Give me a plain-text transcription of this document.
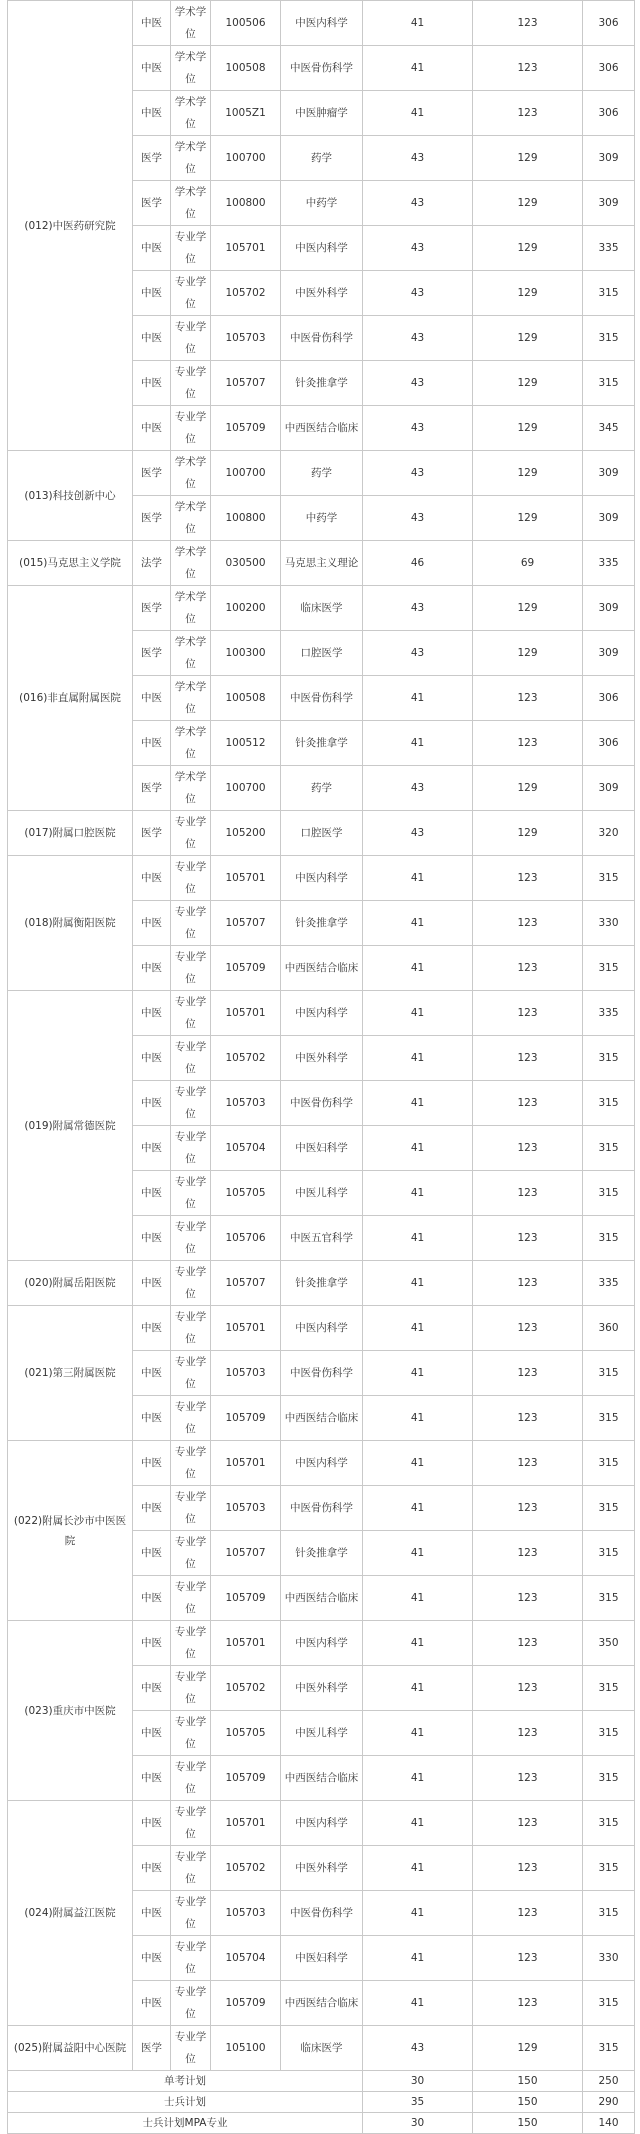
(012)中医药研究院	中医	学术学位	100506	中医内科学	41	123	306
	中医	学术学位	100508	中医骨伤科学	41	123	306
	中医	学术学位	1005Z1	中医肿瘤学	41	123	306
	医学	学术学位	100700	药学	43	129	309
	医学	学术学位	100800	中药学	43	129	309
	中医	专业学位	105701	中医内科学	43	129	335
	中医	专业学位	105702	中医外科学	43	129	315
	中医	专业学位	105703	中医骨伤科学	43	129	315
	中医	专业学位	105707	针灸推拿学	43	129	315
	中医	专业学位	105709	中西医结合临床	43	129	345
(013)科技创新中心	医学	学术学位	100700	药学	43	129	309
	医学	学术学位	100800	中药学	43	129	309
(015)马克思主义学院	法学	学术学位	030500	马克思主义理论	46	69	335
(016)非直属附属医院	医学	学术学位	100200	临床医学	43	129	309
	医学	学术学位	100300	口腔医学	43	129	309
	中医	学术学位	100508	中医骨伤科学	41	123	306
	中医	学术学位	100512	针灸推拿学	41	123	306
	医学	学术学位	100700	药学	43	129	309
(017)附属口腔医院	医学	专业学位	105200	口腔医学	43	129	320
(018)附属衡阳医院	中医	专业学位	105701	中医内科学	41	123	315
	中医	专业学位	105707	针灸推拿学	41	123	330
	中医	专业学位	105709	中西医结合临床	41	123	315
(019)附属常德医院	中医	专业学位	105701	中医内科学	41	123	335
	中医	专业学位	105702	中医外科学	41	123	315
	中医	专业学位	105703	中医骨伤科学	41	123	315
	中医	专业学位	105704	中医妇科学	41	123	315
	中医	专业学位	105705	中医儿科学	41	123	315
	中医	专业学位	105706	中医五官科学	41	123	315
(020)附属岳阳医院	中医	专业学位	105707	针灸推拿学	41	123	335
(021)第三附属医院	中医	专业学位	105701	中医内科学	41	123	360
	中医	专业学位	105703	中医骨伤科学	41	123	315
	中医	专业学位	105709	中西医结合临床	41	123	315
(022)附属长沙市中医医院	中医	专业学位	105701	中医内科学	41	123	315
	中医	专业学位	105703	中医骨伤科学	41	123	315
	中医	专业学位	105707	针灸推拿学	41	123	315
	中医	专业学位	105709	中西医结合临床	41	123	315
(023)重庆市中医院	中医	专业学位	105701	中医内科学	41	123	350
	中医	专业学位	105702	中医外科学	41	123	315
	中医	专业学位	105705	中医儿科学	41	123	315
	中医	专业学位	105709	中西医结合临床	41	123	315
(024)附属益江医院	中医	专业学位	105701	中医内科学	41	123	315
	中医	专业学位	105702	中医外科学	41	123	315
	中医	专业学位	105703	中医骨伤科学	41	123	315
	中医	专业学位	105704	中医妇科学	41	123	330
	中医	专业学位	105709	中西医结合临床	41	123	315
(025)附属益阳中心医院	医学	专业学位	105100	临床医学	43	129	315
单考计划					30	150	250
士兵计划					35	150	290
士兵计划MPA专业					30	150	140
